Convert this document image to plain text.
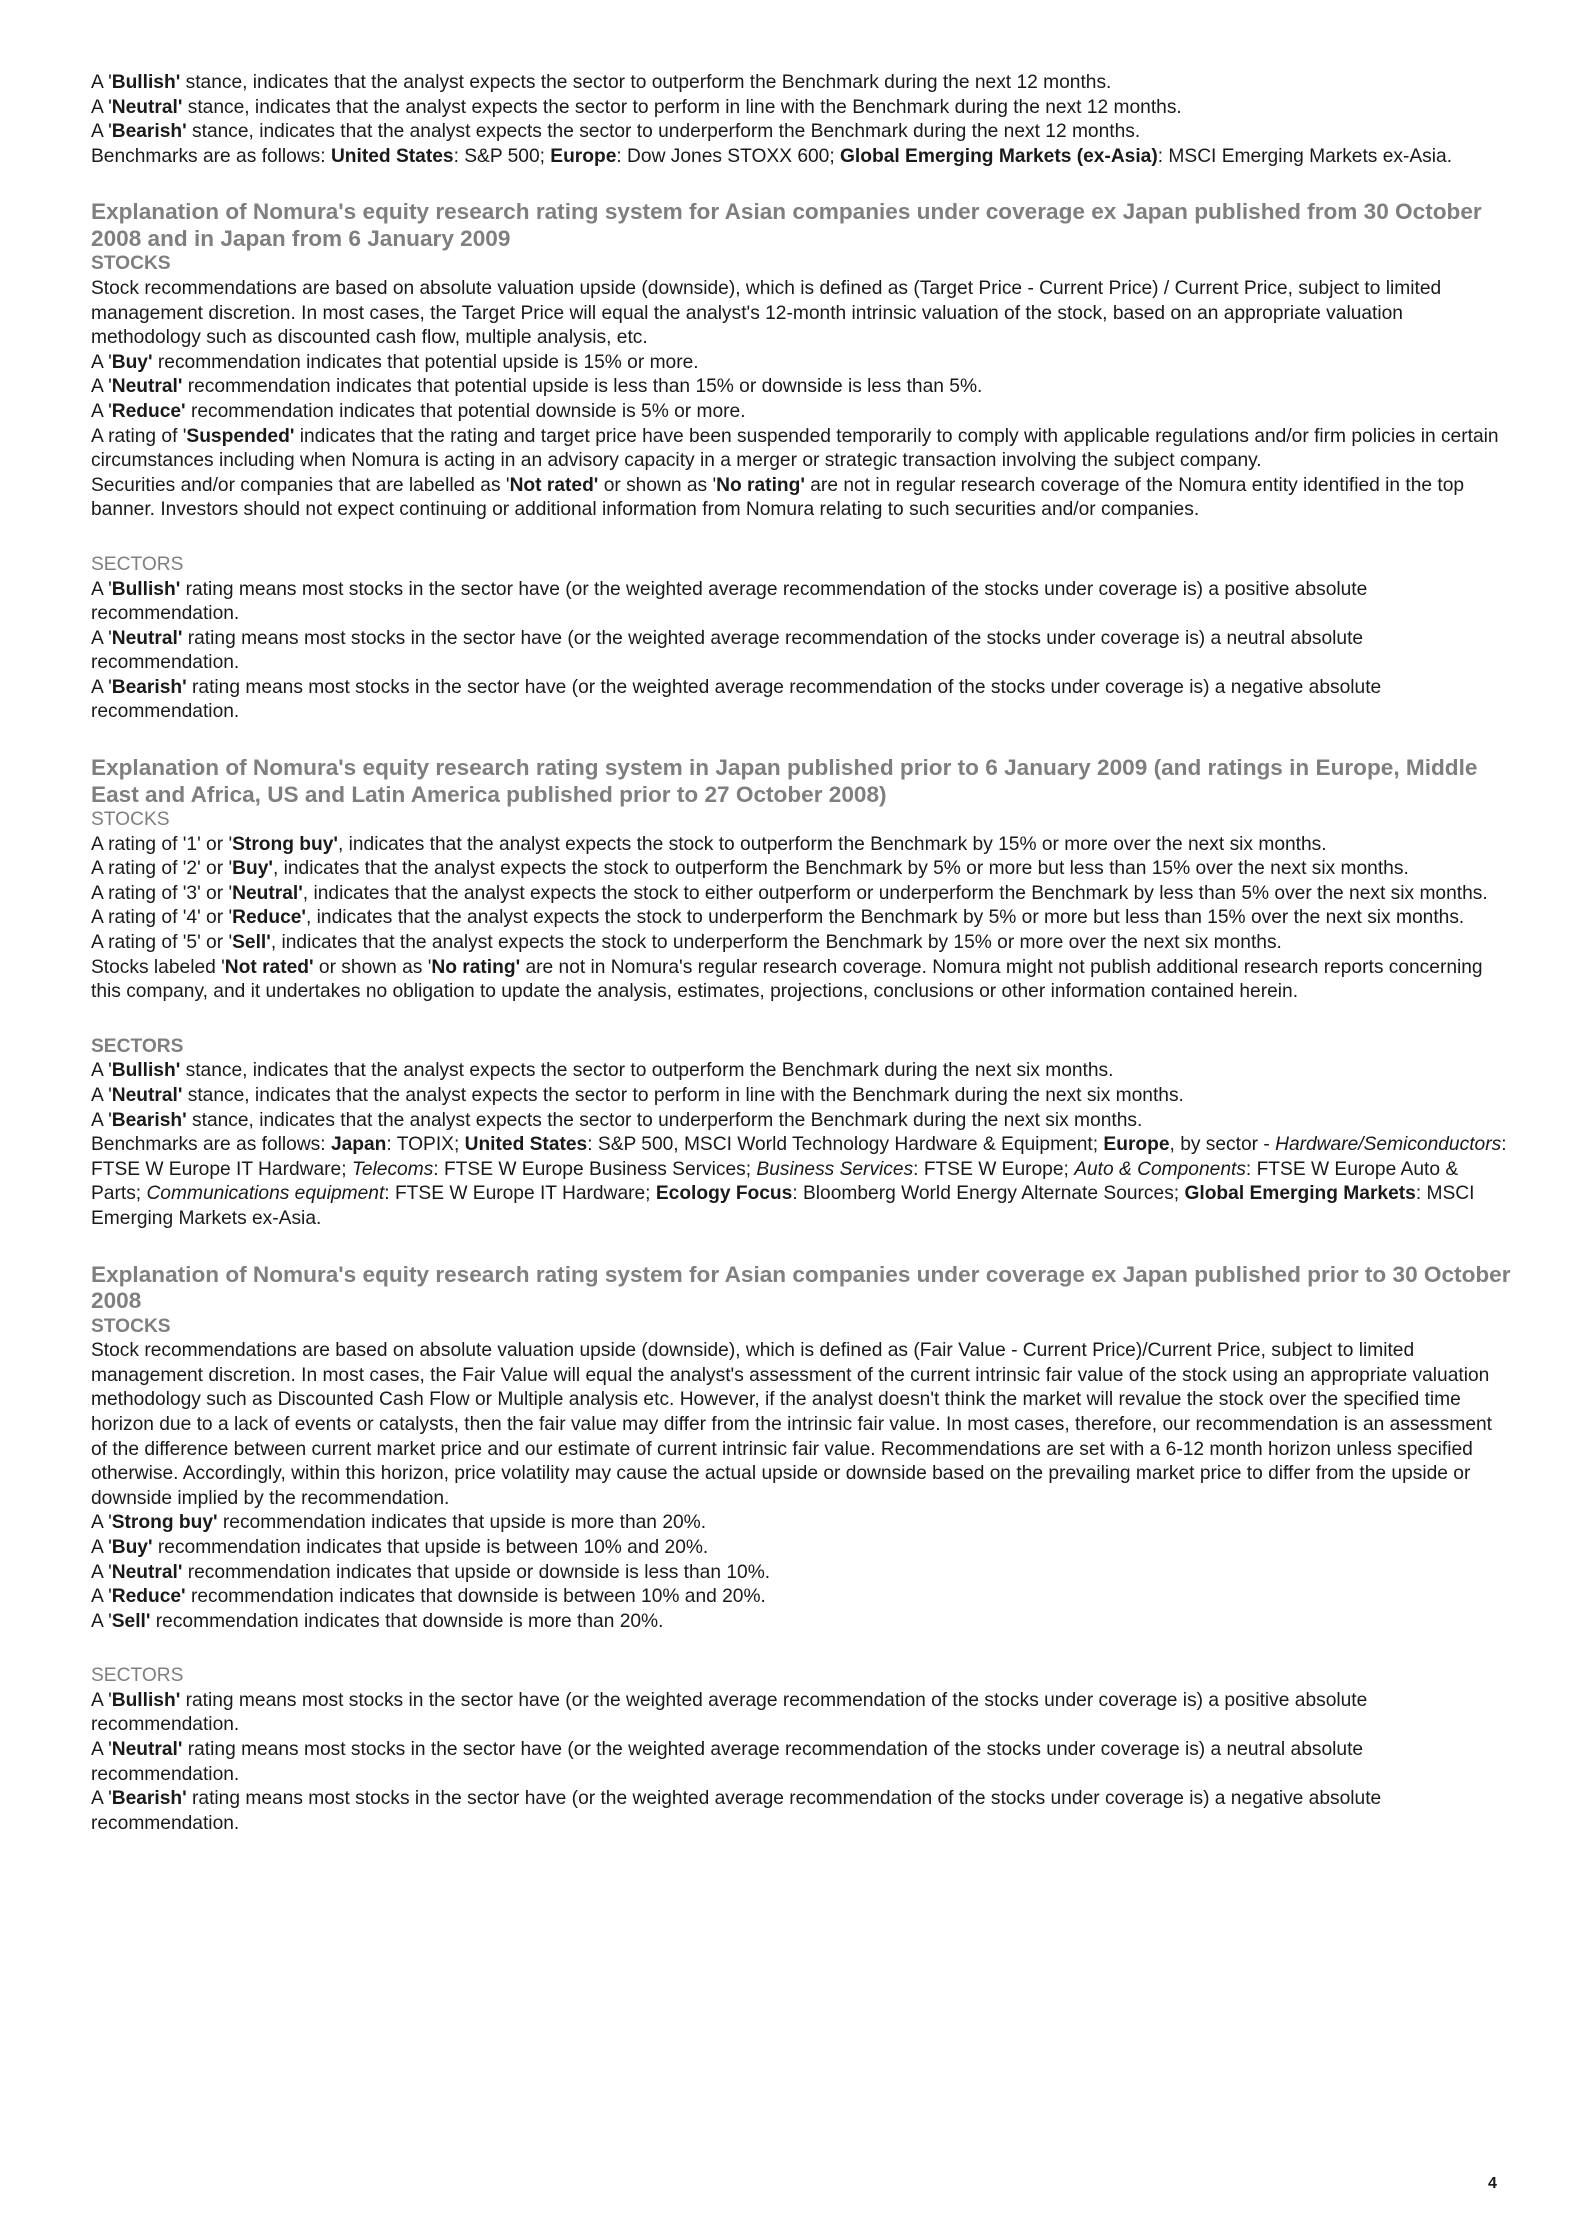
A 'Bullish' stance, indicates that the analyst expects the sector to outperform the Benchmark during the next 12 months.

A 'Neutral' stance, indicates that the analyst expects the sector to perform in line with the Benchmark during the next 12 months.

A 'Bearish' stance, indicates that the analyst expects the sector to underperform the Benchmark during the next 12 months.

Benchmarks are as follows: United States: S&P 500; Europe: Dow Jones STOXX 600; Global Emerging Markets (ex-Asia): MSCI Emerging Markets ex-Asia.

Explanation of Nomura's equity research rating system for Asian companies under coverage ex Japan published from 30 October 2008 and in Japan from 6 January 2009

STOCKS

Stock recommendations are based on absolute valuation upside (downside), which is defined as (Target Price - Current Price) / Current Price, subject to limited management discretion. In most cases, the Target Price will equal the analyst's 12-month intrinsic valuation of the stock, based on an appropriate valuation methodology such as discounted cash flow, multiple analysis, etc.

A 'Buy' recommendation indicates that potential upside is 15% or more.

A 'Neutral' recommendation indicates that potential upside is less than 15% or downside is less than 5%.

A 'Reduce' recommendation indicates that potential downside is 5% or more.

A rating of 'Suspended' indicates that the rating and target price have been suspended temporarily to comply with applicable regulations and/or firm policies in certain circumstances including when Nomura is acting in an advisory capacity in a merger or strategic transaction involving the subject company.

Securities and/or companies that are labelled as 'Not rated' or shown as 'No rating' are not in regular research coverage of the Nomura entity identified in the top banner. Investors should not expect continuing or additional information from Nomura relating to such securities and/or companies.

SECTORS

A 'Bullish' rating means most stocks in the sector have (or the weighted average recommendation of the stocks under coverage is) a positive absolute recommendation.

A 'Neutral' rating means most stocks in the sector have (or the weighted average recommendation of the stocks under coverage is) a neutral absolute recommendation.

A 'Bearish' rating means most stocks in the sector have (or the weighted average recommendation of the stocks under coverage is) a negative absolute recommendation.

Explanation of Nomura's equity research rating system in Japan published prior to 6 January 2009 (and ratings in Europe, Middle East and Africa, US and Latin America published prior to 27 October 2008)

STOCKS

A rating of '1' or 'Strong buy', indicates that the analyst expects the stock to outperform the Benchmark by 15% or more over the next six months.

A rating of '2' or 'Buy', indicates that the analyst expects the stock to outperform the Benchmark by 5% or more but less than 15% over the next six months.

A rating of '3' or 'Neutral', indicates that the analyst expects the stock to either outperform or underperform the Benchmark by less than 5% over the next six months.

A rating of '4' or 'Reduce', indicates that the analyst expects the stock to underperform the Benchmark by 5% or more but less than 15% over the next six months.

A rating of '5' or 'Sell', indicates that the analyst expects the stock to underperform the Benchmark by 15% or more over the next six months.

Stocks labeled 'Not rated' or shown as 'No rating' are not in Nomura's regular research coverage. Nomura might not publish additional research reports concerning this company, and it undertakes no obligation to update the analysis, estimates, projections, conclusions or other information contained herein.

SECTORS

A 'Bullish' stance, indicates that the analyst expects the sector to outperform the Benchmark during the next six months.

A 'Neutral' stance, indicates that the analyst expects the sector to perform in line with the Benchmark during the next six months.

A 'Bearish' stance, indicates that the analyst expects the sector to underperform the Benchmark during the next six months.

Benchmarks are as follows: Japan: TOPIX; United States: S&P 500, MSCI World Technology Hardware & Equipment; Europe, by sector - Hardware/Semiconductors: FTSE W Europe IT Hardware; Telecoms: FTSE W Europe Business Services; Business Services: FTSE W Europe; Auto & Components: FTSE W Europe Auto & Parts; Communications equipment: FTSE W Europe IT Hardware; Ecology Focus: Bloomberg World Energy Alternate Sources; Global Emerging Markets: MSCI Emerging Markets ex-Asia.

Explanation of Nomura's equity research rating system for Asian companies under coverage ex Japan published prior to 30 October 2008

STOCKS

Stock recommendations are based on absolute valuation upside (downside), which is defined as (Fair Value - Current Price)/Current Price, subject to limited management discretion. In most cases, the Fair Value will equal the analyst's assessment of the current intrinsic fair value of the stock using an appropriate valuation methodology such as Discounted Cash Flow or Multiple analysis etc. However, if the analyst doesn't think the market will revalue the stock over the specified time horizon due to a lack of events or catalysts, then the fair value may differ from the intrinsic fair value. In most cases, therefore, our recommendation is an assessment of the difference between current market price and our estimate of current intrinsic fair value. Recommendations are set with a 6-12 month horizon unless specified otherwise. Accordingly, within this horizon, price volatility may cause the actual upside or downside based on the prevailing market price to differ from the upside or downside implied by the recommendation.

A 'Strong buy' recommendation indicates that upside is more than 20%.

A 'Buy' recommendation indicates that upside is between 10% and 20%.

A 'Neutral' recommendation indicates that upside or downside is less than 10%.

A 'Reduce' recommendation indicates that downside is between 10% and 20%.

A 'Sell' recommendation indicates that downside is more than 20%.

SECTORS

A 'Bullish' rating means most stocks in the sector have (or the weighted average recommendation of the stocks under coverage is) a positive absolute recommendation.

A 'Neutral' rating means most stocks in the sector have (or the weighted average recommendation of the stocks under coverage is) a neutral absolute recommendation.

A 'Bearish' rating means most stocks in the sector have (or the weighted average recommendation of the stocks under coverage is) a negative absolute recommendation.

4
